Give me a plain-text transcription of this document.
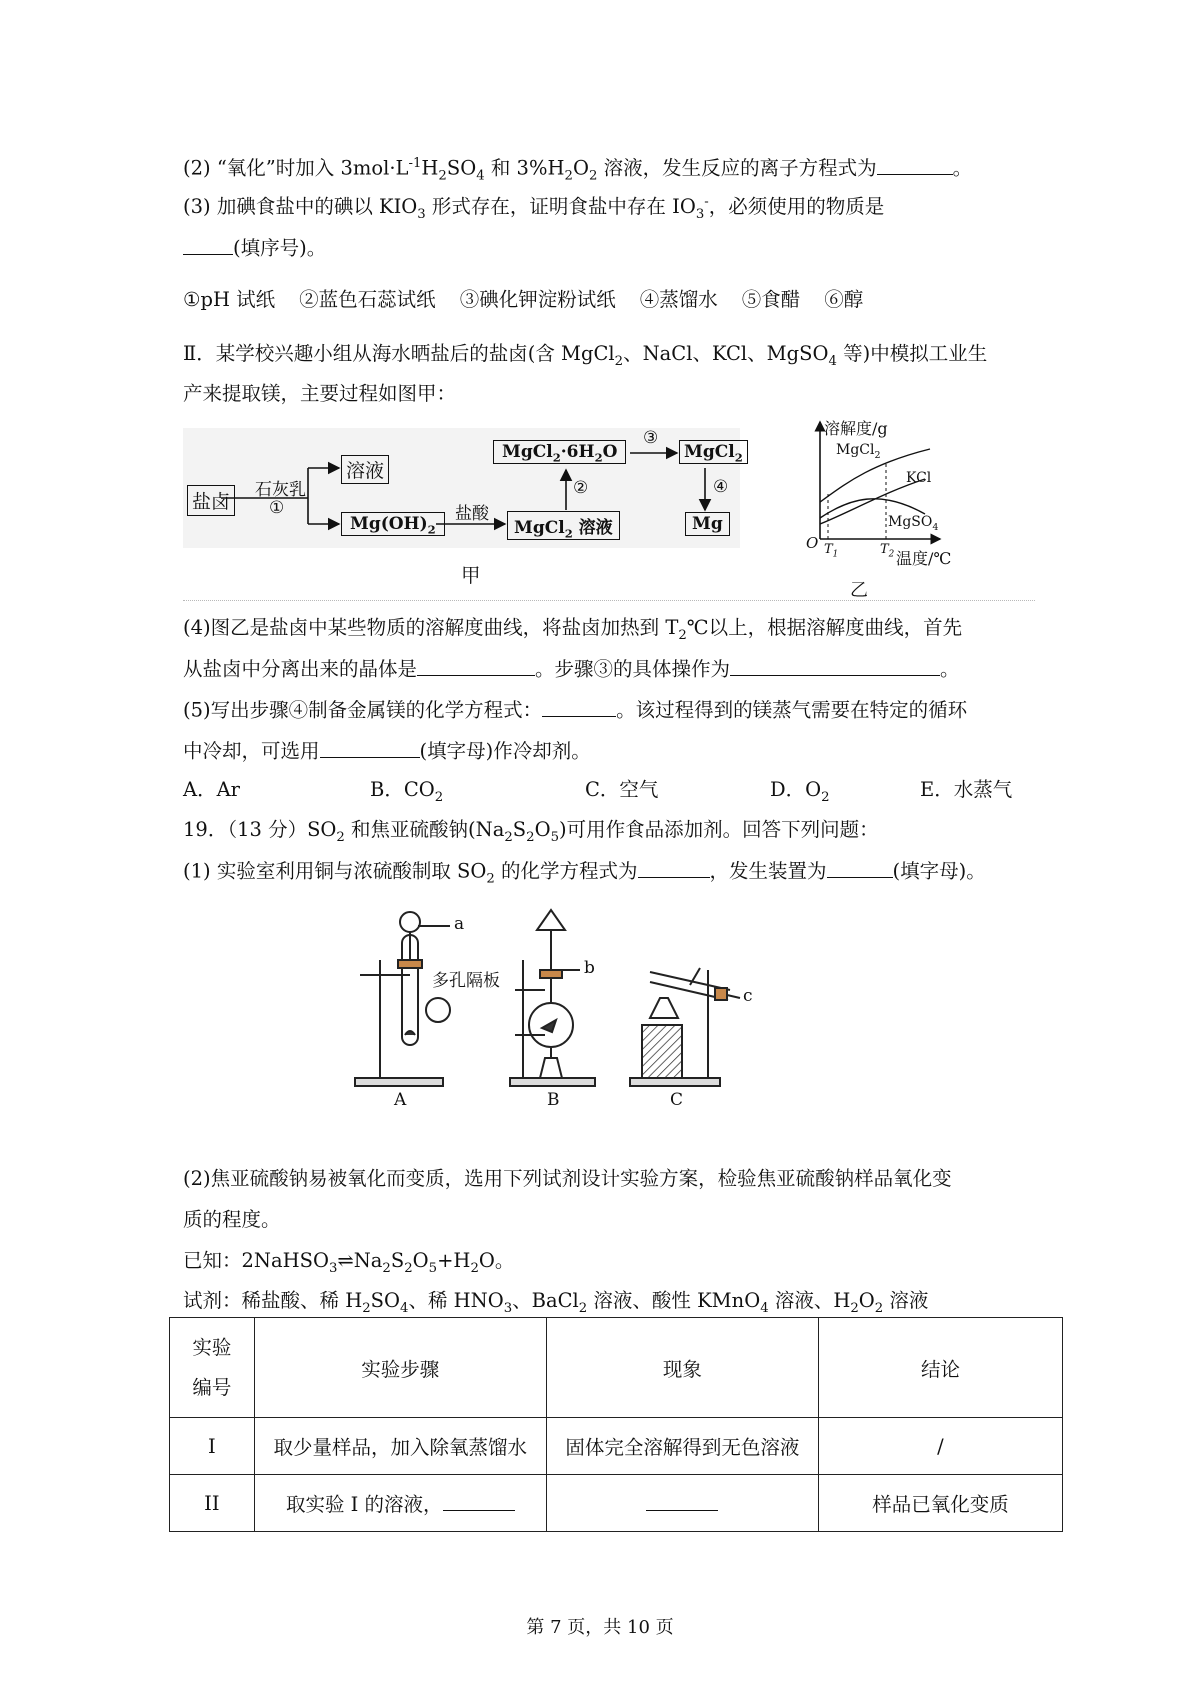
(2) “氧化”时加入 $3mol\cdot L^{-1}H_2SO_4$ 和 $3\%H_2O_2$ 溶液，发生反应的离子方程式为	。
(3) 加碘食盐中的碘以 $KIO_3$ 形式存在，证明食盐中存在 $IO_3^-$，必须使用的物质是
(填序号)。
①pH 试纸 ②蓝色石蕊试纸 ③碘化钾淀粉试纸 ④蒸馏水 ⑤食醋 ⑥醇
Ⅱ．某学校兴趣小组从海水晒盐后的盐卤(含 MgCl$_2$、NaCl、KCl、MgSO$_4$ 等)中模拟工业生
产来提取镁，主要过程如图甲：
盐卤
石灰乳
①
溶液
$Mg(OH)_2$
盐酸
MgCl$_2$ 溶液
②
$MgCl_2\cdot 6H_2O$
③
MgCl$_2$
④
Mg
甲
溶解度/g
MgCl$_2$
KCl
MgSO$_4$
O $T_1$	$T_2$ 温度/℃
乙
(4)图乙是盐卤中某些物质的溶解度曲线，将盐卤加热到 $T_2℃$以上，根据溶解度曲线，首先
从盐卤中分离出来的晶体是	。步骤③的具体操作为	。
(5)写出步骤④制备金属镁的化学方程式：	。该过程得到的镁蒸气需要在特定的循环
中冷却，可选用	(填字母)作冷却剂。
A．Ar	B．$CO_2$	C．空气	D．$O_2$	E．水蒸气
19．（13 分）$SO_2$ 和焦亚硫酸钠$(Na_2S_2O_5)$可用作食品添加剂。回答下列问题：
(1) 实验室利用铜与浓硫酸制取 $SO_2$ 的化学方程式为	，发生装置为	(填字母)。
a
多孔隔板
b
c
A	B	C
(2)焦亚硫酸钠易被氧化而变质，选用下列试剂设计实验方案，检验焦亚硫酸钠样品氧化变
质的程度。
已知：$2NaHSO_3\rightleftharpoons Na_2S_2O_5+H_2O$。
试剂：稀盐酸、稀 $H_2SO_4$、稀 $HNO_3$、BaCl$_2$ 溶液、酸性 KMnO$_4$ 溶液、$H_2O_2$ 溶液
实验
编号	实验步骤	现象	结论
I	取少量样品，加入除氧蒸馏水	固体完全溶解得到无色溶液	/
II	取实验 I 的溶液，		样品已氧化变质
第 7 页，共 10 页
